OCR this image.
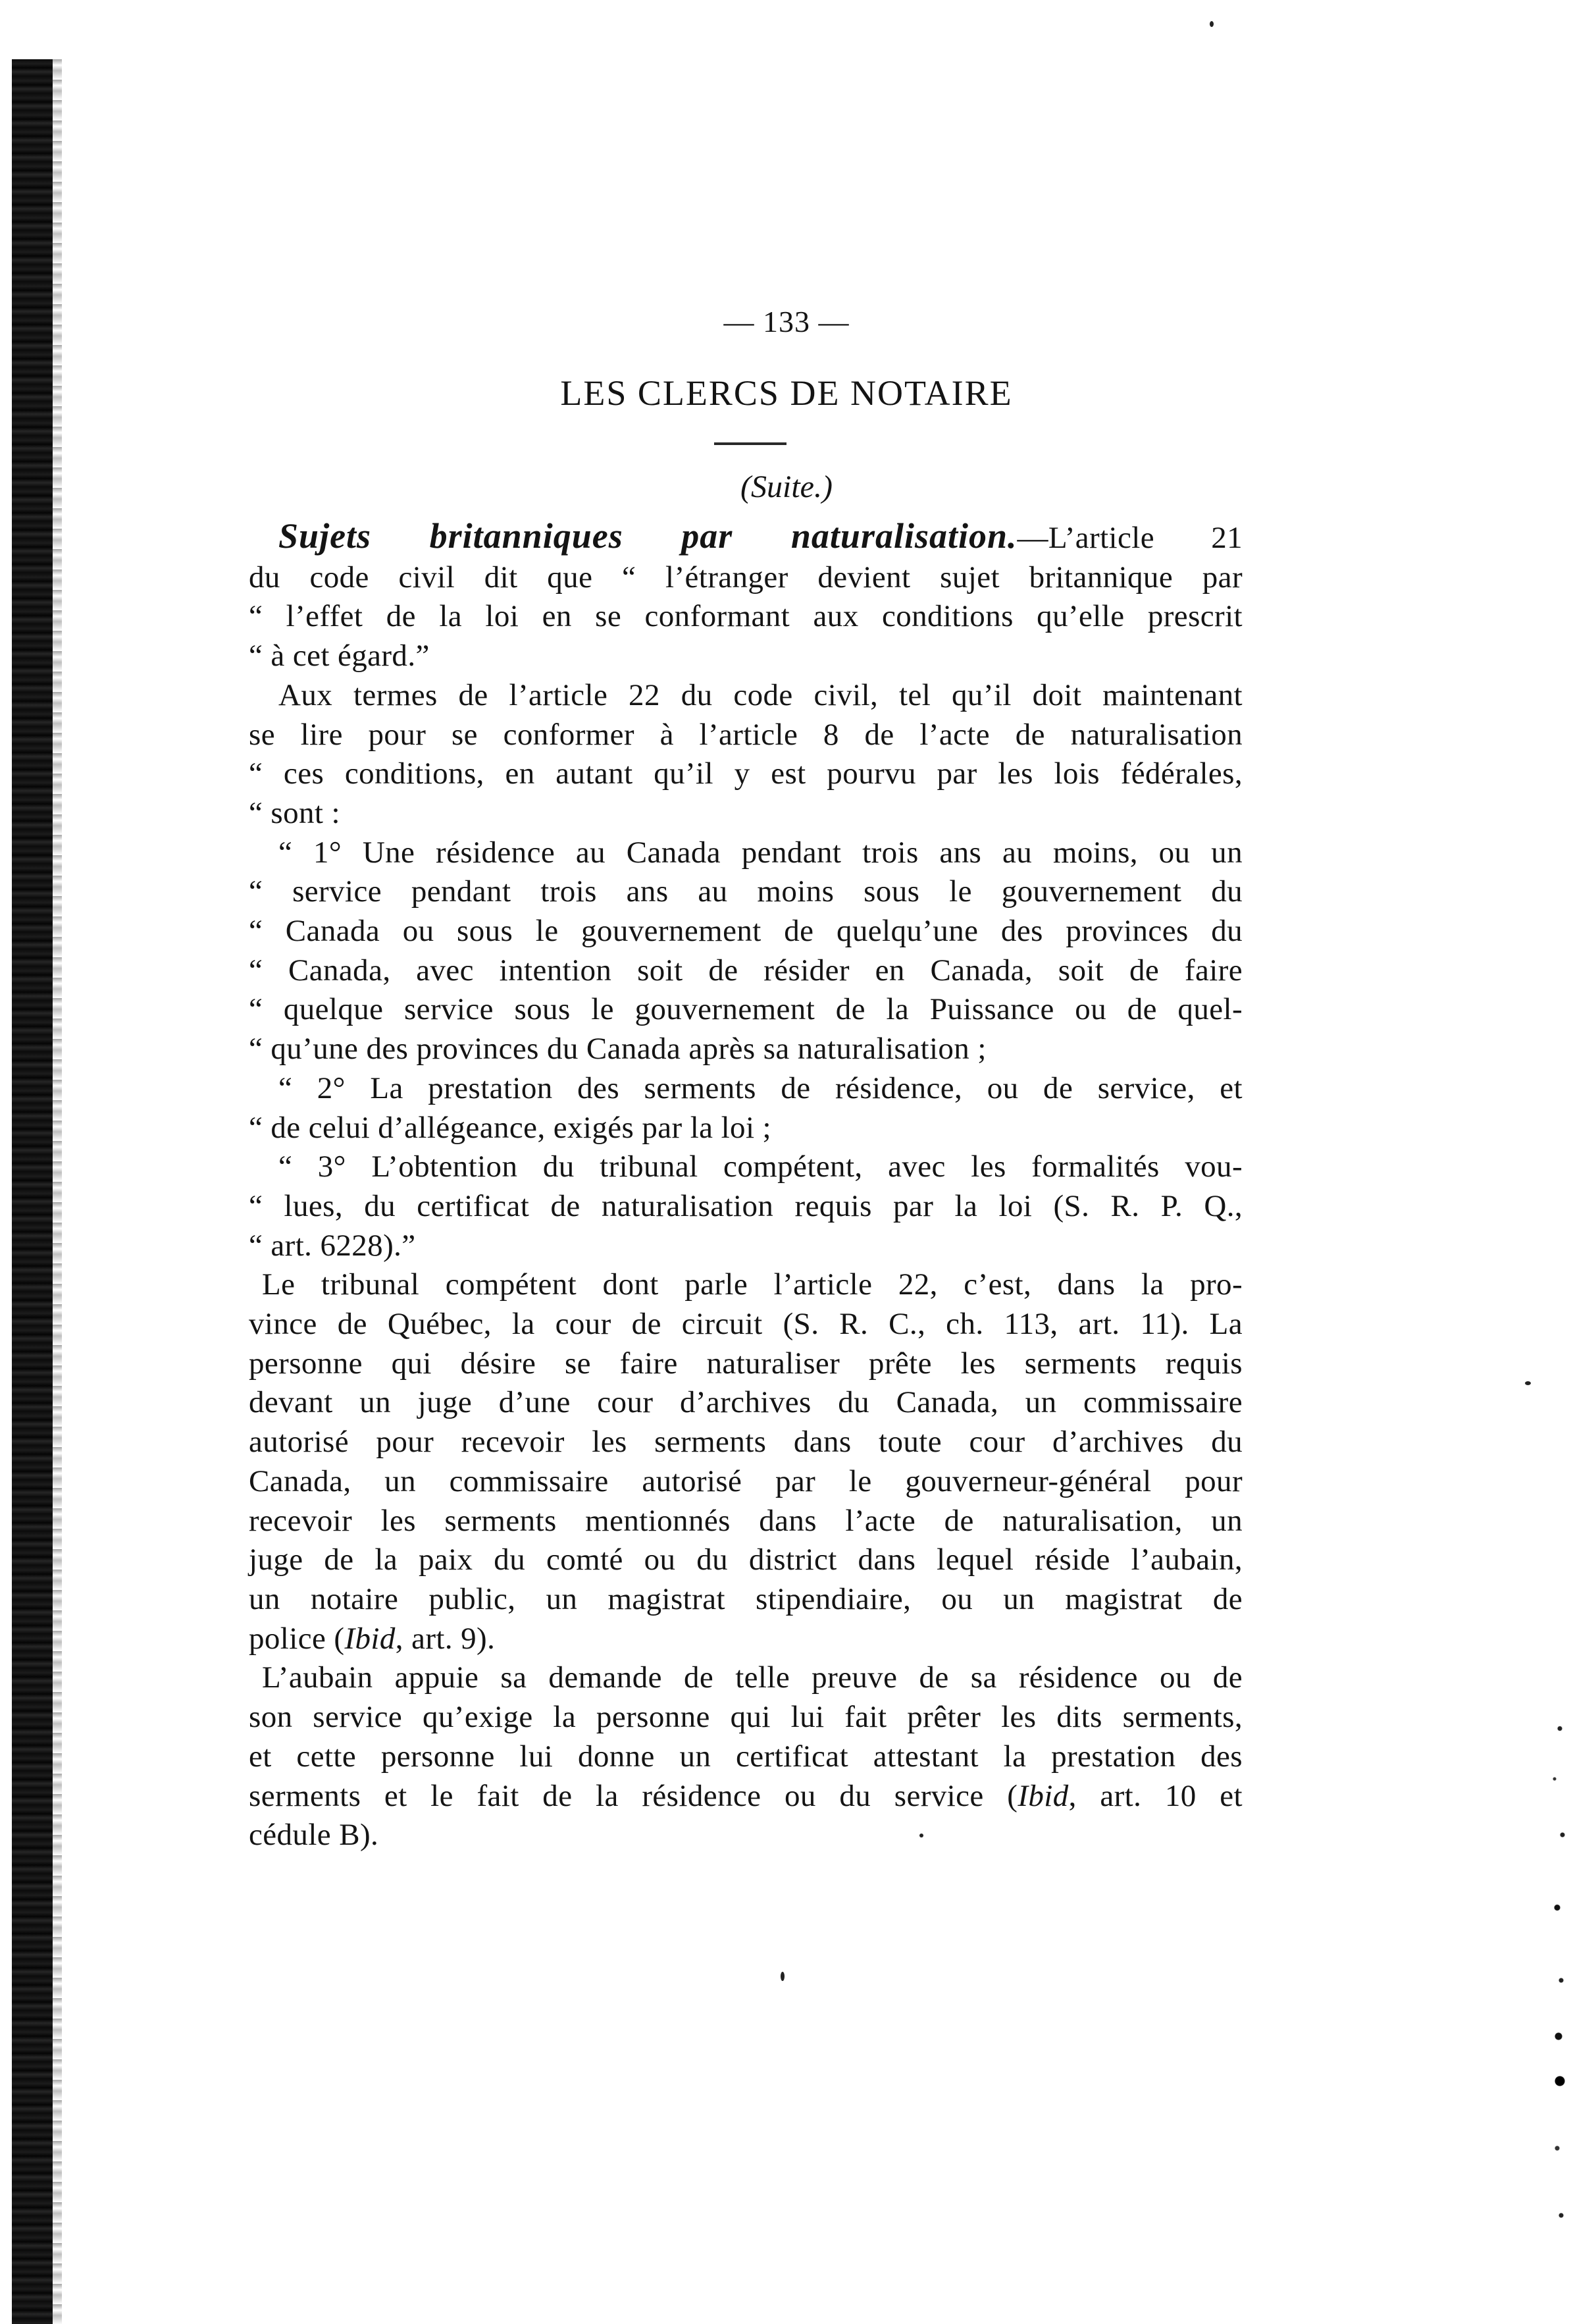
— 133 —
LES CLERCS DE NOTAIRE
(Suite.)
Sujets britanniques par naturalisation.—L’article 21
du code civil dit que “ l’étranger devient sujet britannique par
“ l’effet de la loi en se conformant aux conditions qu’elle prescrit
“ à cet égard.”
Aux termes de l’article 22 du code civil, tel qu’il doit maintenant
se lire pour se conformer à l’article 8 de l’acte de naturalisation
“ ces conditions, en autant qu’il y est pourvu par les lois fédérales,
“ sont :
“ 1° Une résidence au Canada pendant trois ans au moins, ou un
“ service pendant trois ans au moins sous le gouvernement du
“ Canada ou sous le gouvernement de quelqu’une des provinces du
“ Canada, avec intention soit de résider en Canada, soit de faire
“ quelque service sous le gouvernement de la Puissance ou de quel-
“ qu’une des provinces du Canada après sa naturalisation ;
“ 2° La prestation des serments de résidence, ou de service, et
“ de celui d’allégeance, exigés par la loi ;
“ 3° L’obtention du tribunal compétent, avec les formalités vou-
“ lues, du certificat de naturalisation requis par la loi (S. R. P. Q.,
“ art. 6228).”
Le tribunal compétent dont parle l’article 22, c’est, dans la pro-
vince de Québec, la cour de circuit (S. R. C., ch. 113, art. 11). La
personne qui désire se faire naturaliser prête les serments requis
devant un juge d’une cour d’archives du Canada, un commissaire
autorisé pour recevoir les serments dans toute cour d’archives du
Canada, un commissaire autorisé par le gouverneur-général pour
recevoir les serments mentionnés dans l’acte de naturalisation, un
juge de la paix du comté ou du district dans lequel réside l’aubain,
un notaire public, un magistrat stipendiaire, ou un magistrat de
police (Ibid, art. 9).
L’aubain appuie sa demande de telle preuve de sa résidence ou de
son service qu’exige la personne qui lui fait prêter les dits serments,
et cette personne lui donne un certificat attestant la prestation des
serments et le fait de la résidence ou du service (Ibid, art. 10 et
cédule B).
